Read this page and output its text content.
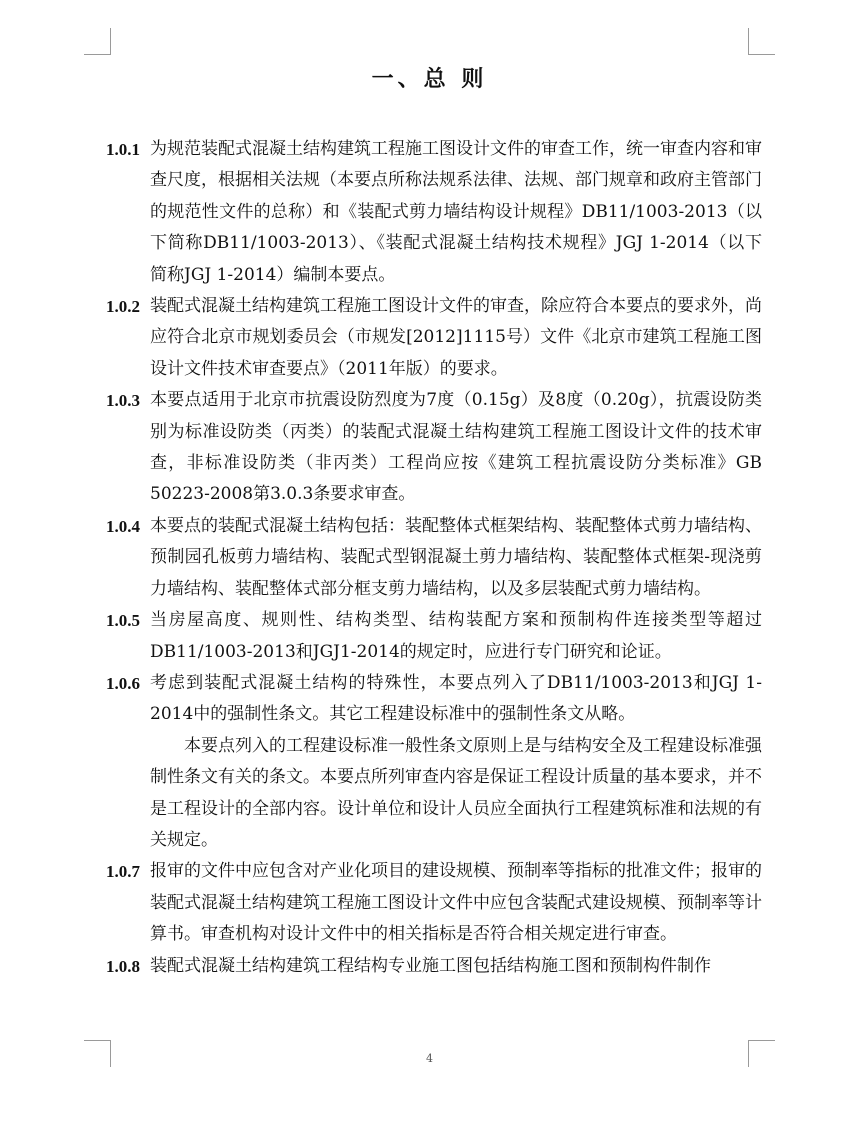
一、总 则
1.0.1 为规范装配式混凝土结构建筑工程施工图设计文件的审查工作，统一审查内容和审查尺度，根据相关法规（本要点所称法规系法律、法规、部门规章和政府主管部门的规范性文件的总称）和《装配式剪力墙结构设计规程》DB11/1003-2013（以下简称DB11/1003-2013）、《装配式混凝土结构技术规程》JGJ 1-2014（以下简称JGJ 1-2014）编制本要点。
1.0.2 装配式混凝土结构建筑工程施工图设计文件的审查，除应符合本要点的要求外，尚应符合北京市规划委员会（市规发[2012]1115号）文件《北京市建筑工程施工图设计文件技术审查要点》（2011年版）的要求。
1.0.3 本要点适用于北京市抗震设防烈度为7度（0.15g）及8度（0.20g），抗震设防类别为标准设防类（丙类）的装配式混凝土结构建筑工程施工图设计文件的技术审查，非标准设防类（非丙类）工程尚应按《建筑工程抗震设防分类标准》GB 50223-2008第3.0.3条要求审查。
1.0.4 本要点的装配式混凝土结构包括：装配整体式框架结构、装配整体式剪力墙结构、预制园孔板剪力墙结构、装配式型钢混凝土剪力墙结构、装配整体式框架-现浇剪力墙结构、装配整体式部分框支剪力墙结构，以及多层装配式剪力墙结构。
1.0.5 当房屋高度、规则性、结构类型、结构装配方案和预制构件连接类型等超过DB11/1003-2013和JGJ1-2014的规定时，应进行专门研究和论证。
1.0.6 考虑到装配式混凝土结构的特殊性，本要点列入了DB11/1003-2013和JGJ 1-2014中的强制性条文。其它工程建设标准中的强制性条文从略。
本要点列入的工程建设标准一般性条文原则上是与结构安全及工程建设标准强制性条文有关的条文。本要点所列审查内容是保证工程设计质量的基本要求，并不是工程设计的全部内容。设计单位和设计人员应全面执行工程建筑标准和法规的有关规定。
1.0.7 报审的文件中应包含对产业化项目的建设规模、预制率等指标的批准文件；报审的装配式混凝土结构建筑工程施工图设计文件中应包含装配式建设规模、预制率等计算书。审查机构对设计文件中的相关指标是否符合相关规定进行审查。
1.0.8 装配式混凝土结构建筑工程结构专业施工图包括结构施工图和预制构件制作
4
